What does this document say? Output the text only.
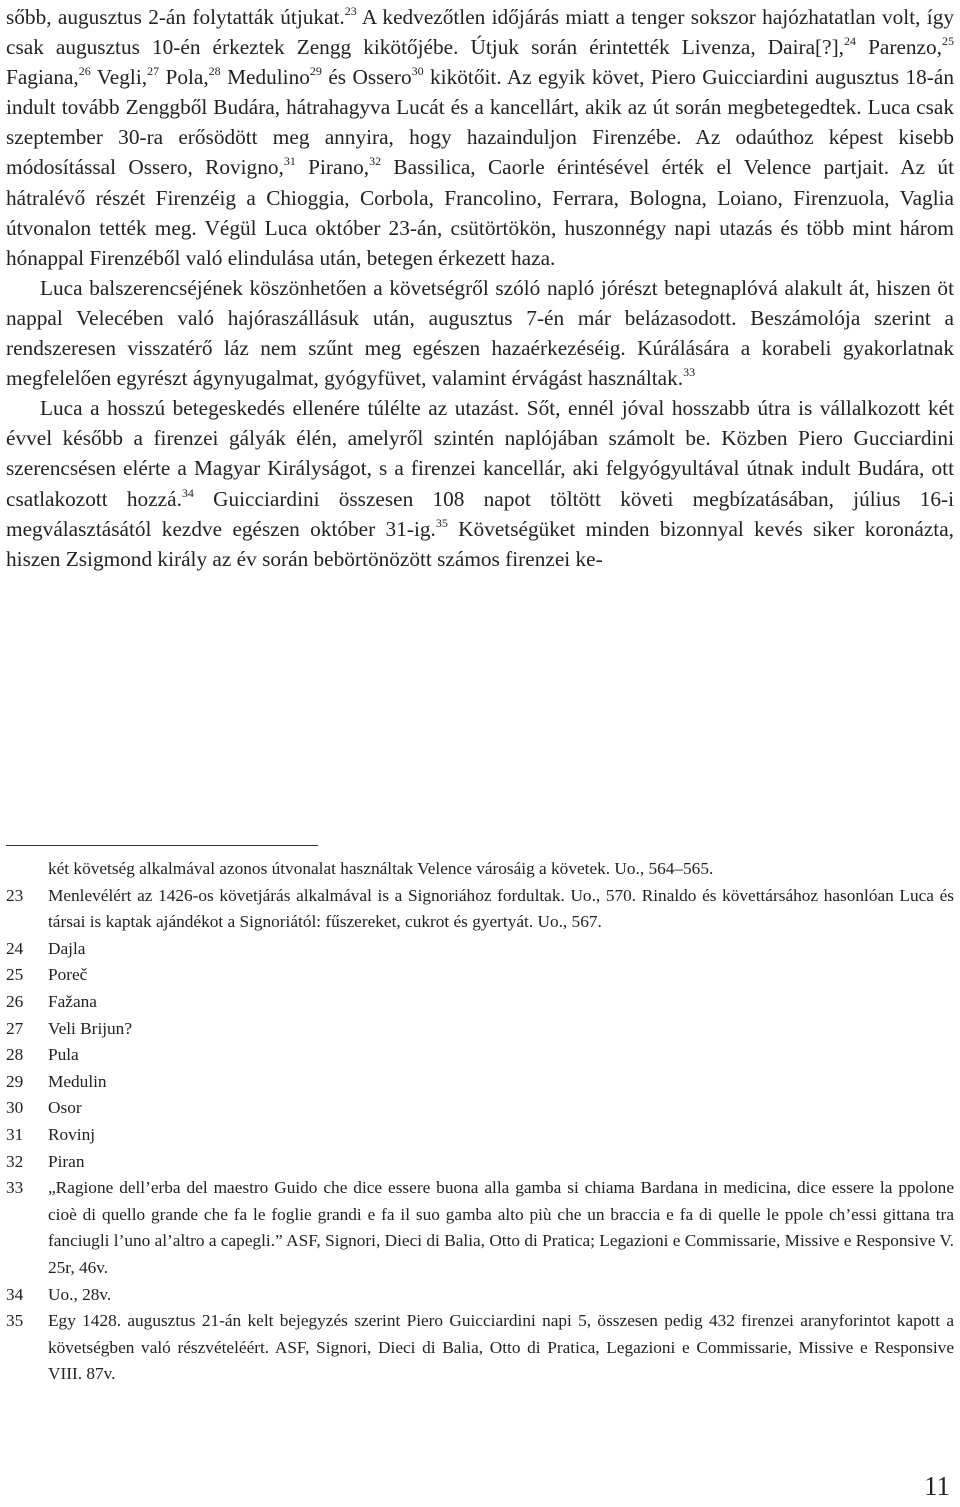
sőbb, augusztus 2-án folytatták útjukat.$^{23}$ A kedvezőtlen időjárás miatt a tenger sokszor hajózhatatlan volt, így csak augusztus 10-én érkeztek Zengg kikötőjébe. Útjuk során érintették Livenza, Daira[?],$^{24}$ Parenzo,$^{25}$ Fagiana,$^{26}$ Vegli,$^{27}$ Pola,$^{28}$ Medulino$^{29}$ és Ossero$^{30}$ kikötőit. Az egyik követ, Piero Guicciardini augusztus 18-án indult tovább Zenggből Budára, hátrahagyva Lucát és a kancellárt, akik az út során megbetegedtek. Luca csak szeptember 30-ra erősödött meg annyira, hogy hazainduljon Firenzébe. Az odaúthoz képest kisebb módosítással Ossero, Rovigno,$^{31}$ Pirano,$^{32}$ Bassilica, Caorle érintésével érték el Velence partjait. Az út hátralévő részét Firenzéig a Chioggia, Corbola, Francolino, Ferrara, Bologna, Loiano, Firenzuola, Vaglia útvonalon tették meg. Végül Luca október 23-án, csütörtökön, huszonnégy napi utazás és több mint három hónappal Firenzéből való elindulása után, betegen érkezett haza.

Luca balszerencséjének köszönhetően a követségről szóló napló jórészt betegnaplóvá alakult át, hiszen öt nappal Velecében való hajóraszállásuk után, augusztus 7-én már belázasodott. Beszámolója szerint a rendszeresen visszatérő láz nem szűnt meg egészen hazaérkezéséig. Kúrálására a korabeli gyakorlatnak megfelelően egyrészt ágynyugalmat, gyógyfüvet, valamint érvágást használtak.$^{33}$

Luca a hosszú betegeskedés ellenére túlélte az utazást. Sőt, ennél jóval hosszabb útra is vállalkozott két évvel később a firenzei gályák élén, amelyről szintén naplójában számolt be. Közben Piero Gucciardini szerencsésen elérte a Magyar Királyságot, s a firenzei kancellár, aki felgyógyultával útnak indult Budára, ott csatlakozott hozzá.$^{34}$ Guicciardini összesen 108 napot töltött követi megbízatásában, július 16-i megválasztásától kezdve egészen október 31-ig.$^{35}$ Követségüket minden bizonnyal kevés siker koronázta, hiszen Zsigmond király az év során bebörtönözött számos firenzei ke-

két követség alkalmával azonos útvonalat használtak Velence városáig a követek. Uo., 564–565.
23	Menlevélért az 1426-os követjárás alkalmával is a Signoriához fordultak. Uo., 570. Rinaldo és követtársához hasonlóan Luca és társai is kaptak ajándékot a Signoriától: fűszereket, cukrot és gyertyát. Uo., 567.
24	Dajla
25	Poreč
26	Fažana
27	Veli Brijun?
28	Pula
29	Medulin
30	Osor
31	Rovinj
32	Piran
33	„Ragione dell’erba del maestro Guido che dice essere buona alla gamba si chiama Bardana in medicina, dice essere la ppolone cioè di quello grande che fa le foglie grandi e fa il suo gamba alto più che un braccia e fa di quelle le ppole ch’essi gittana tra fanciugli l’uno al’altro a capegli.” ASF, Signori, Dieci di Balia, Otto di Pratica; Legazioni e Commissarie, Missive e Responsive V. 25r, 46v.
34	Uo., 28v.
35	Egy 1428. augusztus 21-án kelt bejegyzés szerint Piero Guicciardini napi 5, összesen pedig 432 firenzei aranyforintot kapott a követségben való részvételéért. ASF, Signori, Dieci di Balia, Otto di Pratica, Legazioni e Commissarie, Missive e Responsive VIII. 87v.
11
